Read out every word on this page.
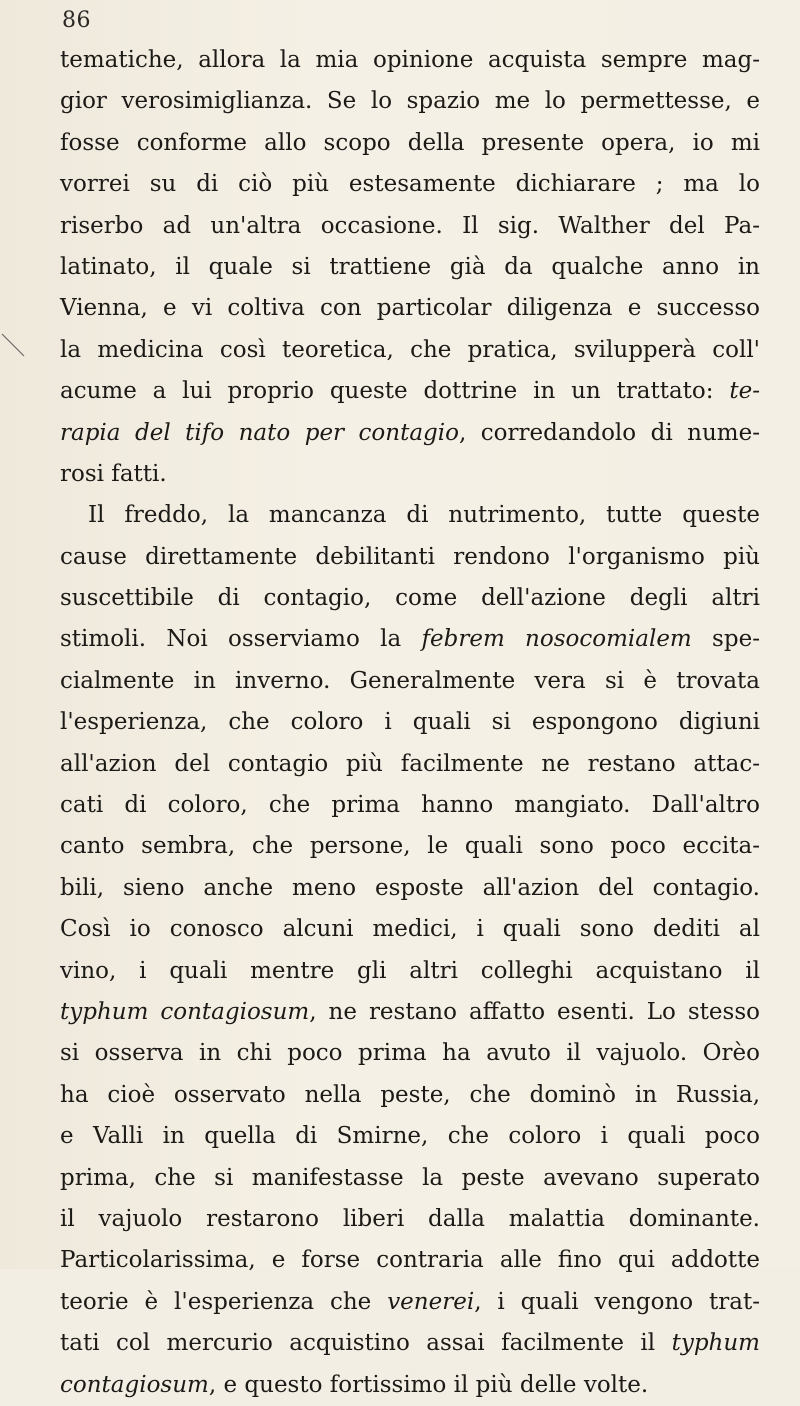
86
tematiche, allora la mia opinione acquista sempre mag-
gior verosimiglianza. Se lo spazio me lo permettesse, e
fosse conforme allo scopo della presente opera, io mi
vorrei su di ciò più estesamente dichiarare ; ma lo
riserbo ad un'altra occasione. Il sig. Walther del Pa-
latinato, il quale si trattiene già da qualche anno in
Vienna, e vi coltiva con particolar diligenza e successo
la medicina così teoretica, che pratica, svilupperà coll'
acume a lui proprio queste dottrine in un trattato: te-
rapia del tifo nato per contagio, corredandolo di nume-
rosi fatti.
Il freddo, la mancanza di nutrimento, tutte queste
cause direttamente debilitanti rendono l'organismo più
suscettibile di contagio, come dell'azione degli altri
stimoli. Noi osserviamo la febrem nosocomialem spe-
cialmente in inverno. Generalmente vera si è trovata
l'esperienza, che coloro i quali si espongono digiuni
all'azion del contagio più facilmente ne restano attac-
cati di coloro, che prima hanno mangiato. Dall'altro
canto sembra, che persone, le quali sono poco eccita-
bili, sieno anche meno esposte all'azion del contagio.
Così io conosco alcuni medici, i quali sono dediti al
vino, i quali mentre gli altri colleghi acquistano il
typhum contagiosum, ne restano affatto esenti. Lo stesso
si osserva in chi poco prima ha avuto il vajuolo. Orèo
ha cioè osservato nella peste, che dominò in Russia,
e Valli in quella di Smirne, che coloro i quali poco
prima, che si manifestasse la peste avevano superato
il vajuolo restarono liberi dalla malattia dominante.
Particolarissima, e forse contraria alle fino qui addotte
teorie è l'esperienza che venerei, i quali vengono trat-
tati col mercurio acquistino assai facilmente il typhum
contagiosum, e questo fortissimo il più delle volte.
